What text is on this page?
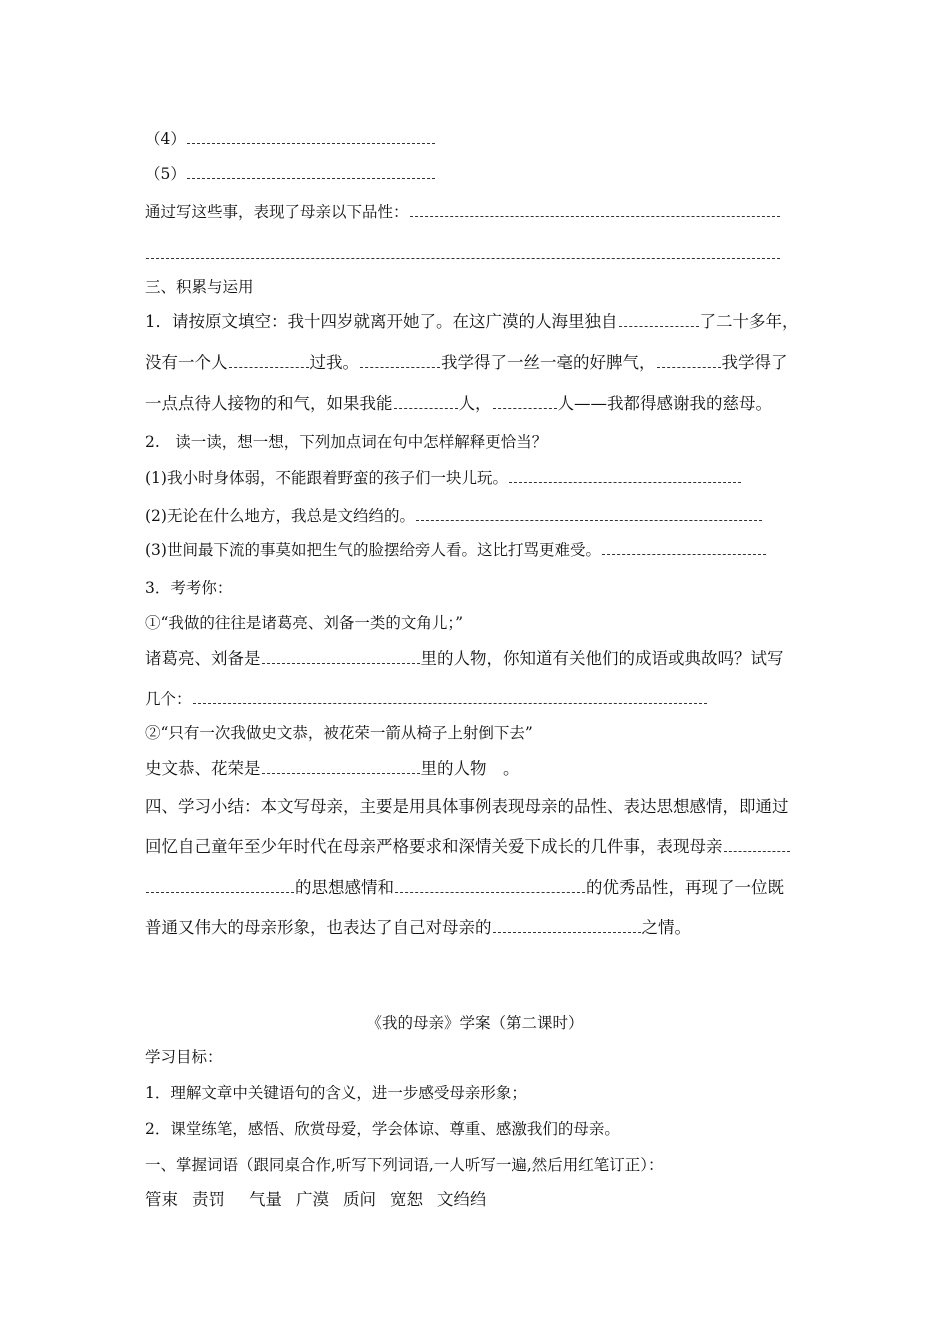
（4）
（5）
通过写这些事，表现了母亲以下品性：
三、积累与运用
1．请按原文填空：我十四岁就离开她了。在这广漠的人海里独自	了二十多年，
没有一个人	过我。	我学得了一丝一毫的好脾气，	我学得了
一点点待人接物的和气，如果我能	人，	人——我都得感谢我的慈母。
2.　读一读，想一想，下列加点词在句中怎样解释更恰当？
(1)我小时身体弱，不能跟着野蛮的孩子们一块儿玩。
(2)无论在什么地方，我总是文绉绉的。
(3)世间最下流的事莫如把生气的脸摆给旁人看。这比打骂更难受。
3．考考你：
①“我做的往往是诸葛亮、刘备一类的文角儿；”
诸葛亮、刘备是	里的人物，你知道有关他们的成语或典故吗？试写
几个：
②“只有一次我做史文恭，被花荣一箭从椅子上射倒下去”
史文恭、花荣是	里的人物　。
四、学习小结：本文写母亲，主要是用具体事例表现母亲的品性、表达思想感情，即通过
回忆自己童年至少年时代在母亲严格要求和深情关爱下成长的几件事，表现母亲
的思想感情和	的优秀品性，再现了一位既
普通又伟大的母亲形象，也表达了自己对母亲的	之情。
《我的母亲》学案（第二课时）
学习目标：
1．理解文章中关键语句的含义，进一步感受母亲形象；
2．课堂练笔，感悟、欣赏母爱，学会体谅、尊重、感激我们的母亲。
一、掌握词语（跟同桌合作,听写下列词语,一人听写一遍,然后用红笔订正）：
管束 责罚 气量 广漠 质问 宽恕 文绉绉
